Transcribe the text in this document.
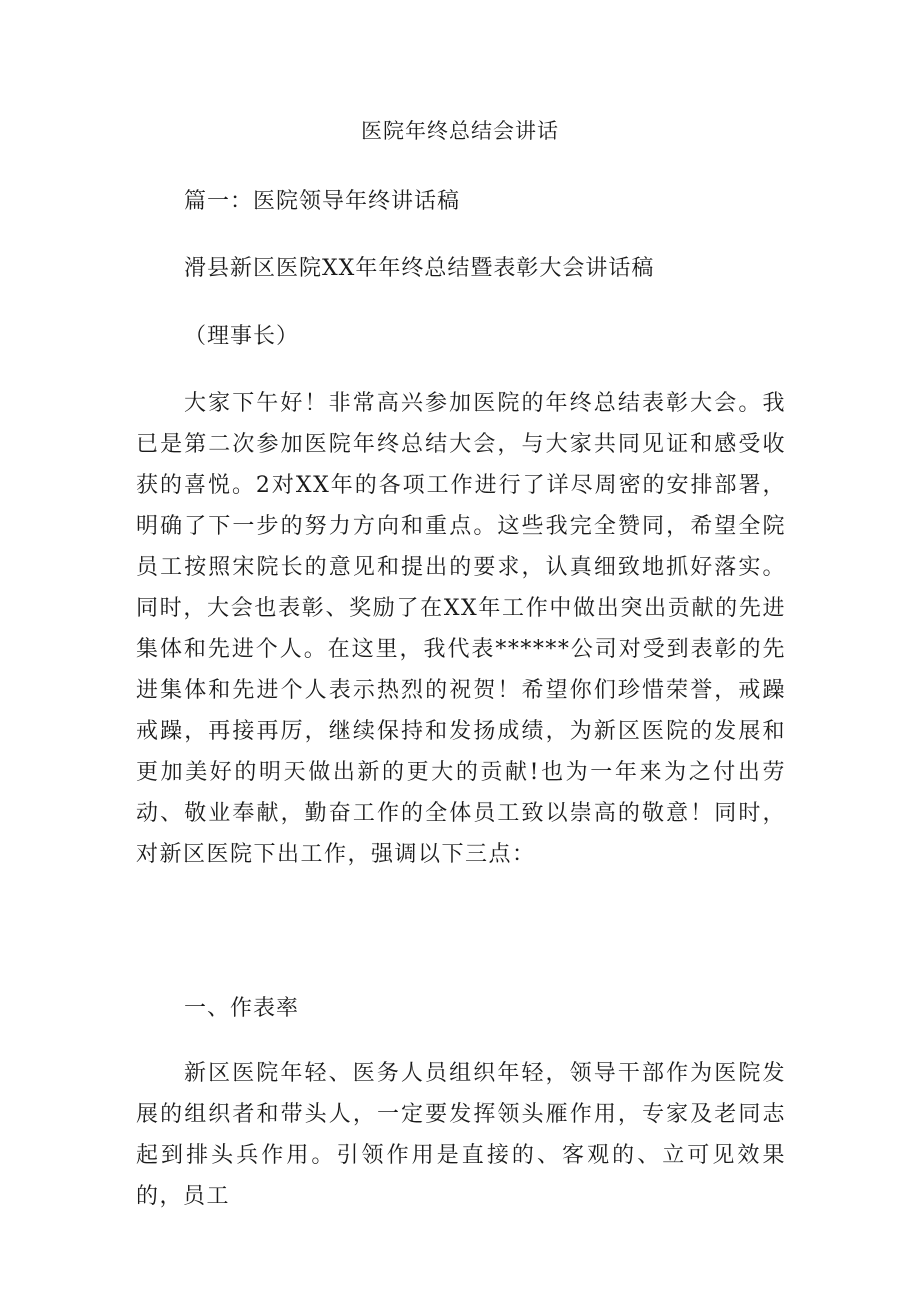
医院年终总结会讲话
篇一：医院领导年终讲话稿
滑县新区医院XX年年终总结暨表彰大会讲话稿
（理事长）

大家下午好！非常高兴参加医院的年终总结表彰大会。我已是第二次参加医院年终总结大会，与大家共同见证和感受收获的喜悦。2对XX年的各项工作进行了详尽周密的安排部署，明确了下一步的努力方向和重点。这些我完全赞同，希望全院员工按照宋院长的意见和提出的要求，认真细致地抓好落实。同时，大会也表彰、奖励了在XX年工作中做出突出贡献的先进集体和先进个人。在这里，我代表******公司对受到表彰的先进集体和先进个人表示热烈的祝贺！希望你们珍惜荣誉，戒躁戒躁，再接再厉，继续保持和发扬成绩，为新区医院的发展和更加美好的明天做出新的更大的贡献!也为一年来为之付出劳动、敬业奉献，勤奋工作的全体员工致以崇高的敬意！同时，对新区医院下出工作，强调以下三点：

一、作表率

新区医院年轻、医务人员组织年轻，领导干部作为医院发展的组织者和带头人，一定要发挥领头雁作用，专家及老同志起到排头兵作用。引领作用是直接的、客观的、立可见效果的，员工
